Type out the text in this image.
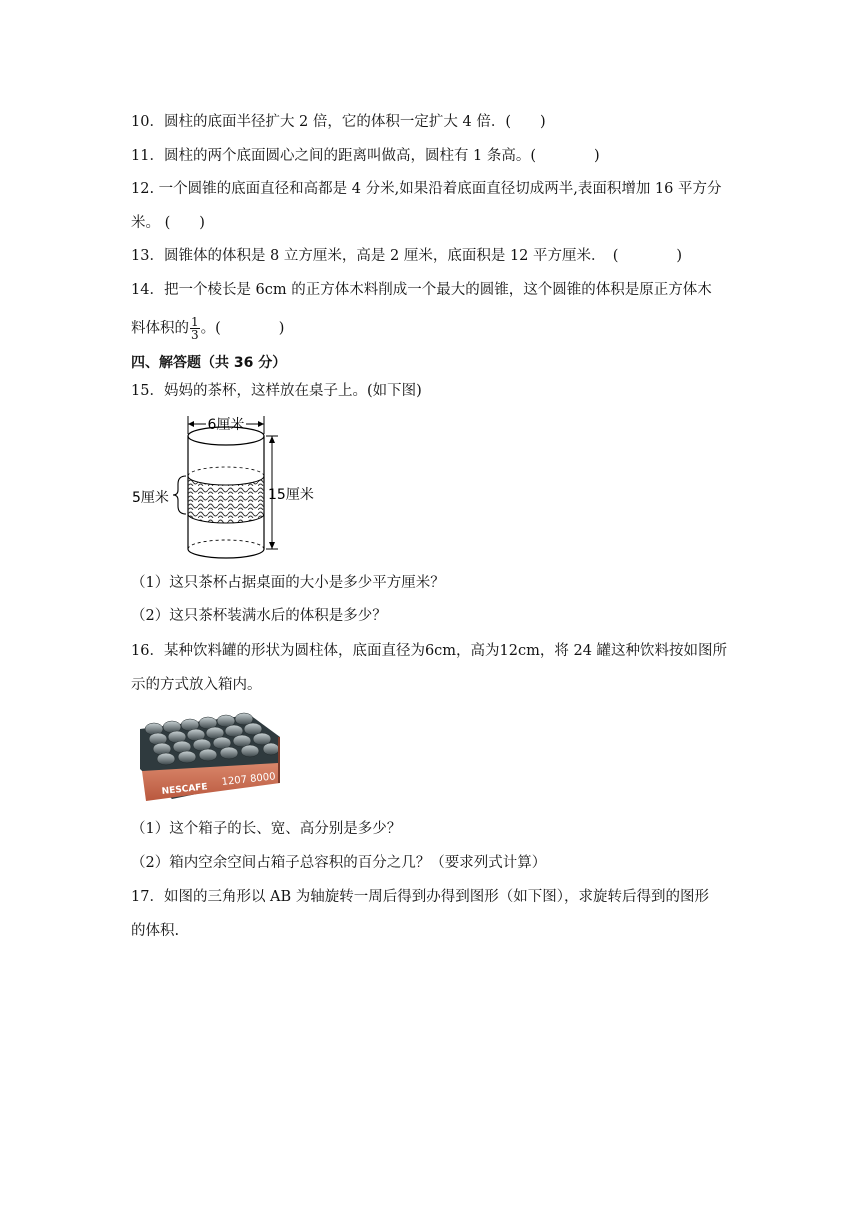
10．圆柱的底面半径扩大 2 倍，它的体积一定扩大 4 倍．(　　)
11．圆柱的两个底面圆心之间的距离叫做高，圆柱有 1 条高。(　　　　)
12. 一个圆锥的底面直径和高都是 4 分米,如果沿着底面直径切成两半,表面积增加 16 平方分
米。 (　　)
13．圆锥体的体积是 8 立方厘米，高是 2 厘米，底面积是 12 平方厘米．　(　　　　)
14．把一个棱长是 6cm 的正方体木料削成一个最大的圆锥，这个圆锥的体积是原正方体木
料体积的 $\frac{1}{3}$ 。(　　　　)
四、解答题（共 36 分）
15．妈妈的茶杯，这样放在桌子上。(如下图)
6厘米
5厘米	15厘米
（1）这只茶杯占据桌面的大小是多少平方厘米？
（2）这只茶杯装满水后的体积是多少？
16．某种饮料罐的形状为圆柱体，底面直径为6cm，高为12cm，将 24 罐这种饮料按如图所
示的方式放入箱内。
NESCAFE
1207 8000
（1）这个箱子的长、宽、高分别是多少？
（2）箱内空余空间占箱子总容积的百分之几？（要求列式计算）
17．如图的三角形以 AB 为轴旋转一周后得到办得到图形（如下图），求旋转后得到的图形
的体积.
